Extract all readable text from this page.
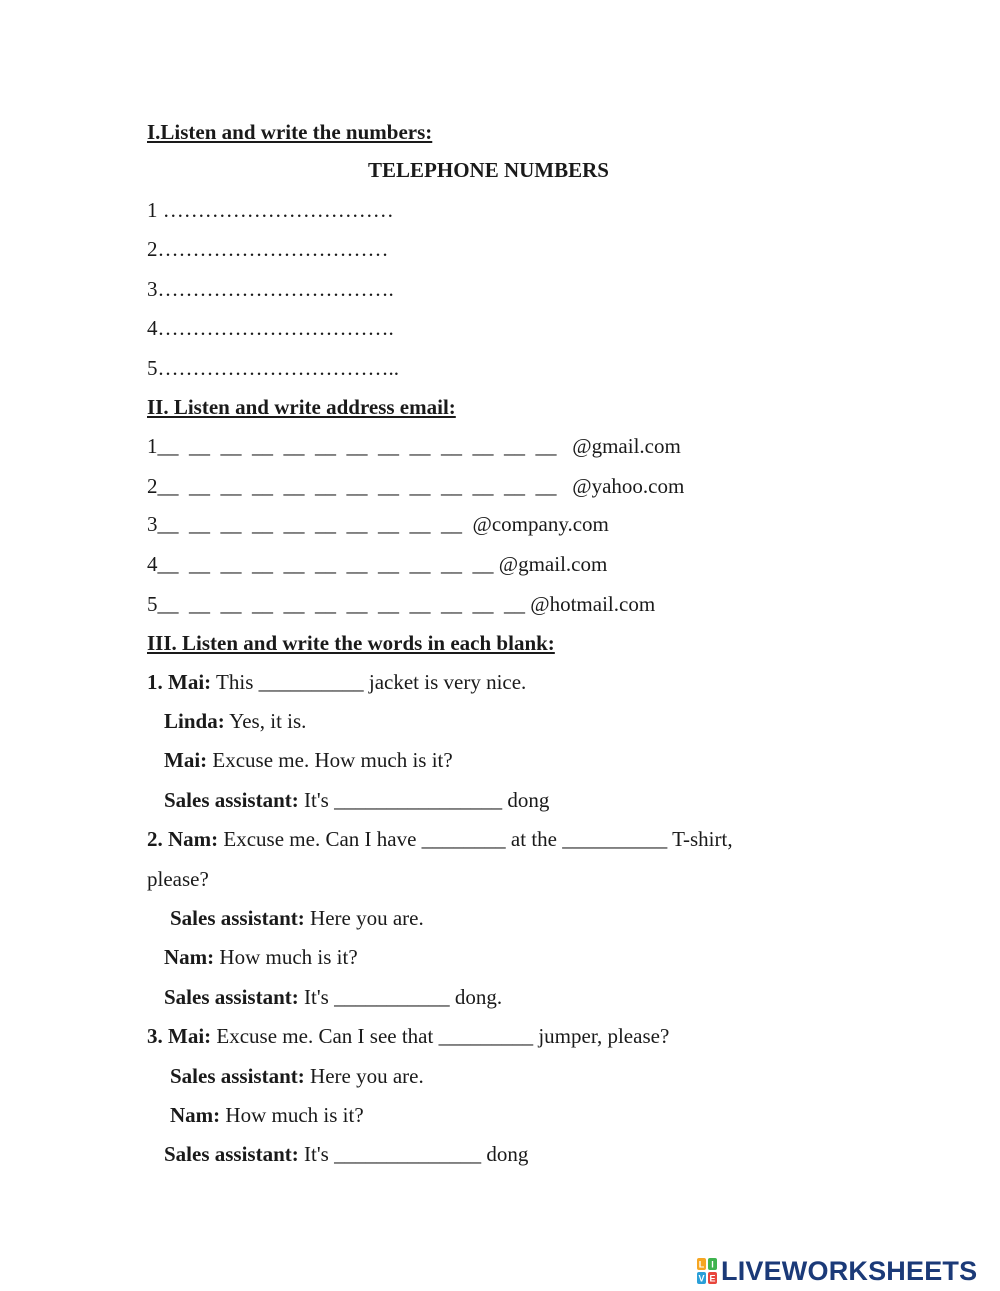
I.Listen and write the numbers:
TELEPHONE NUMBERS
1 ……………………………
2……………………………
3…………………………….
4…………………………….
5……………………………..
II. Listen and write address email:
1__  __  __  __  __  __  __  __  __  __  __  __  __   @gmail.com
2__  __  __  __  __  __  __  __  __  __  __  __  __   @yahoo.com
3__  __  __  __  __  __  __  __  __  __  @company.com
4__  __  __  __  __  __  __  __  __  __  __ @gmail.com
5__  __  __  __  __  __  __  __  __  __  __  __ @hotmail.com
III. Listen and write the words in each blank:
1. Mai: This __________ jacket is very nice.
Linda: Yes, it is.
Mai: Excuse me. How much is it?
Sales assistant: It's ________________ dong
2. Nam: Excuse me. Can I have ________ at the __________ T-shirt,
please?
Sales assistant: Here you are.
Nam: How much is it?
Sales assistant: It's ___________ dong.
3. Mai: Excuse me. Can I see that _________ jumper, please?
Sales assistant: Here you are.
Nam: How much is it?
Sales assistant: It's ______________ dong
L I
V E LIVEWORKSHEETS
